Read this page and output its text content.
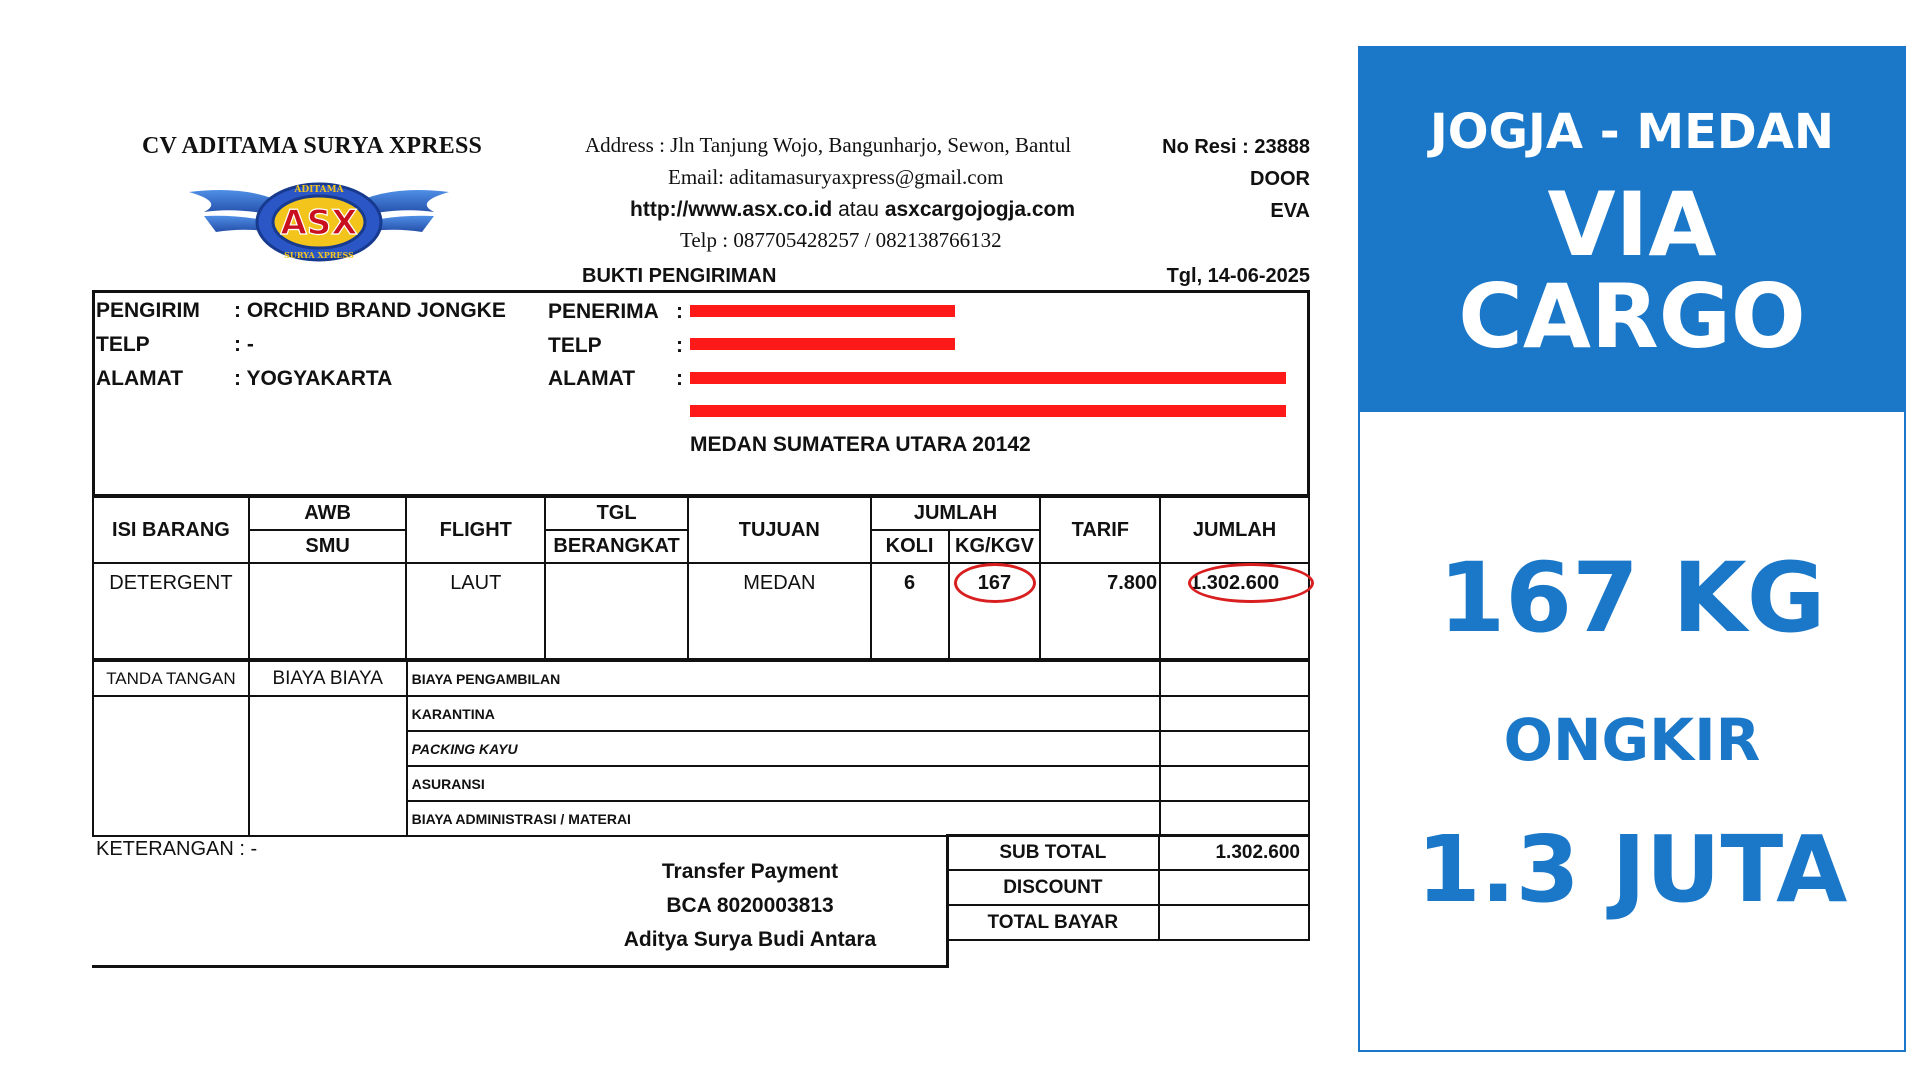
CV ADITAMA SURYA XPRESS
ASX
ADITAMA
SURYA XPRESS
Address : Jln Tanjung Wojo, Bangunharjo, Sewon, Bantul
Email: aditamasuryaxpress@gmail.com
http://www.asx.co.id atau asxcargojogja.com
Telp : 087705428257 / 082138766132
No Resi : 23888
DOOR
EVA
BUKTI PENGIRIMAN	Tgl, 14-06-2025
PENGIRIM : ORCHID BRAND JONGKE
TELP	: -
ALAMAT : YOGYAKARTA
PENERIMA :
TELP	:
ALAMAT :
MEDAN SUMATERA UTARA 20142
ISI BARANG	AWB	FLIGHT	TGL	TUJUAN	JUMLAH		TARIF	JUMLAH
	SMU		BERANGKAT		KOLI	KG/KGV		
DETERGENT		LAUT		MEDAN	6	167	7.800	1.302.600
TANDA TANGAN	BIAYA BIAYA	BIAYA PENGAMBILAN	
		KARANTINA	
		PACKING KAYU	
		ASURANSI	
		BIAYA ADMINISTRASI / MATERAI	
KETERANGAN : -
Transfer Payment
BCA 8020003813
Aditya Surya Budi Antara
SUB TOTAL	1.302.600
DISCOUNT	
TOTAL BAYAR	
JOGJA - MEDAN
VIA
CARGO
167 KG
ONGKIR
1.3 JUTA
